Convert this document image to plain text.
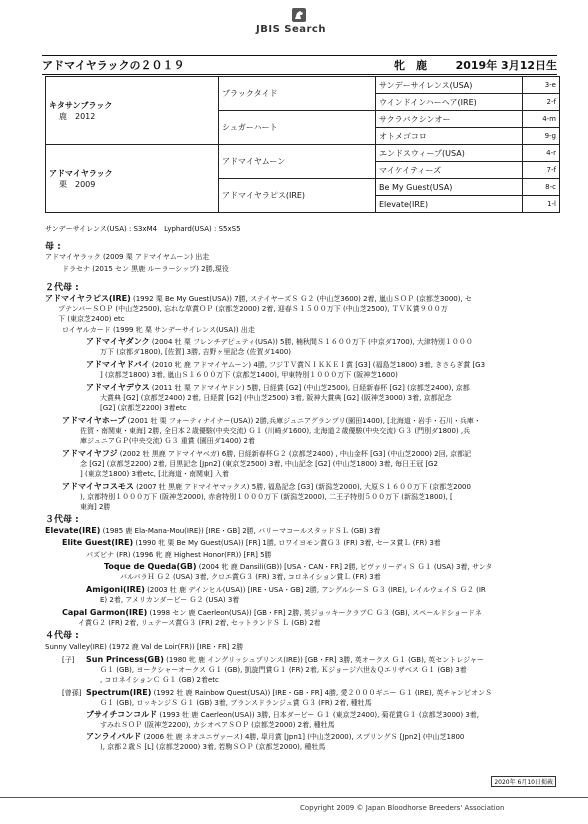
JBIS Search
アドマイヤラックの２０１９	牝　鹿	2019年 3月12日生
キタサンブラック
鹿　2012	ブラックタイド	サンデーサイレンス(USA)	3-e
		ウインドインハーヘア(IRE)	2-f
	シュガーハート	サクラバクシンオー	4-m
		オトメゴコロ	9-g
アドマイヤラック
栗　2009	アドマイヤムーン	エンドスウィープ(USA)	4-r
		マイケイティーズ	7-f
	アドマイヤラピス(IRE)	Be My Guest(USA)	8-c
		Elevate(IRE)	1-l
サンデーサイレンス(USA) : S3xM4　Lyphard(USA) : S5xS5
母 :
２代母 :
３代母 :
４代母 :
アドマイヤラック (2009 栗 アドマイヤムーン) 出走
ドラセナ (2015 セン 黒鹿 ルーラーシップ) 2勝,現役
アドマイヤラピス(IRE) (1992 栗 Be My Guest(USA)) 7勝, ステイヤーズＳ Ｇ２ (中山芝3600) 2着, 嵐山ＳＯＰ (京都芝3000), セ
プテンバーＳＯＰ (中山芝2500), 忘れな草賞ＯＰ (京都芝2000) 2着, 迎春Ｓ１５００万下 (中山芝2500), ＴＶＫ賞９００万
下 (東京芝2400) etc
ロイヤルカード (1999 牝 栗 サンデーサイレンス(USA)) 出走
アドマイヤダンク (2004 牡 栗 フレンチデピュティ(USA)) 5勝, 楠秋間Ｓ１６００万下 (中京ダ1700), 大津特別１０００
万下 (京都ダ1800), [佐賀] 3勝, 吉野ヶ里記念 (佐賀ダ1400)
アドマイヤドバイ (2010 牝 鹿 アドマイヤムーン) 4勝, フジＴＶ賞ＮＩＫＫＥＩ賞 [G3] (福島芝1800) 3着, きさらぎ賞 [G3
] (京都芝1800) 3着, 嵐山Ｓ１６００万下 (京都芝1400), 甲東特別１０００万下 (阪神芝1600)
アドマイヤデウス (2011 牡 栗 アドマイヤドン) 5勝, 日経賞 [G2] (中山芝2500), 日経新春杯 [G2] (京都芝2400), 京都
大賞典 [G2] (京都芝2400) 2着, 日経賞 [G2] (中山芝2500) 3着, 阪神大賞典 [G2] (阪神芝3000) 3着, 京都記念
[G2] (京都芝2200) 3着etc
アドマイヤホープ (2001 牡 栗 フォーティナイナー(USA)) 2勝,兵庫ジュニアグランプリ(園田1400), [北海道・岩手・石川・兵庫・
佐賀・南関東・東海] 2勝, 全日本２歳優駿(中央交流) Ｇ１ (川崎ダ1600), 北海道２歳優駿(中央交流) Ｇ３ (門別ダ1800) ,兵
庫ジュニアＧＰ(中央交流) Ｇ３ 重賞 (園田ダ1400) 2着
アドマイヤフジ (2002 牡 黒鹿 アドマイヤベガ) 6勝, 日経新春杯Ｇ２ (京都芝2400) , 中山金杯 [G3] (中山芝2000) 2回, 京都記
念 [G2] (京都芝2200) 2着, 目黒記念 [Jpn2] (東京芝2500) 3着, 中山記念 [G2] (中山芝1800) 3着, 毎日王冠 [G2
] (東京芝1800) 3着etc, [北海道・南関東] 入着
アドマイヤコスモス (2007 牡 黒鹿 アドマイヤマックス) 5勝, 福島記念 [G3] (新潟芝2000), 大原Ｓ１６００万下 (京都芝2000
), 京都特別１０００万下 (阪神芝2000), 赤倉特別１０００万下 (新潟芝2000), 二王子特別５００万下 (新潟芝1800), [
東海] 2勝
Elevate(IRE) (1985 鹿 Ela-Mana-Mou(IRE)) [IRE・GB] 2勝, バリーマコールスタッドＳＬ (GB) 3着
Elite Guest(IRE) (1990 牝 栗 Be My Guest(USA)) [FR] 1勝, ロワイヨモン賞Ｇ３ (FR) 3着, セーヌ賞Ｌ (FR) 3着
パズビナ (FR) (1996 牝 鹿 Highest Honor(FR)) [FR] 5勝
Toque de Queda(GB) (2004 牝 鹿 Dansili(GB)) [USA・CAN・FR] 2勝, ビヴァリーディＳ Ｇ１ (USA) 3着, サンタ
バルバラＨ Ｇ２ (USA) 3着, クロエ賞Ｇ３ (FR) 3着, コロネイション賞Ｌ (FR) 3着
Amigoni(IRE) (2003 牡 鹿 デインヒル(USA)) [IRE・USA・GB] 2勝, アングルシーＳ Ｇ３ (IRE), レイルウェイＳ Ｇ２ (IR
E) 2着, アメリカンダービー Ｇ２ (USA) 3着
Capal Garmon(IRE) (1998 セン 鹿 Caerleon(USA)) [GB・FR] 2勝, 英ジョッキークラブＣ Ｇ３ (GB), スペールドショードネ
イ賞Ｇ２ (FR) 2着, リュテース賞Ｇ３ (FR) 2着, セットランドＳ Ｌ (GB) 2着
Sunny Valley(IRE) (1972 鹿 Val de Loir(FR)) [IRE・FR] 2勝
[子] Sun Princess(GB) (1980 牝 鹿 イングリッシュプリンス(IRE)) [GB・FR] 3勝, 英オークス Ｇ１ (GB), 英セントレジャー
Ｇ１ (GB), ヨークシャーオークス Ｇ１ (GB), 凱旋門賞Ｇ１ (FR) 2着, Ｋジョージ六世＆Ｑエリザベス Ｇ１ (GB) 3着
, コロネイションＣ Ｇ１ (GB) 2着etc
[曾孫] Spectrum(IRE) (1992 牡 鹿 Rainbow Quest(USA)) [IRE・GB・FR] 4勝, 愛２０００ギニー Ｇ１ (IRE), 英チャンピオンＳ
Ｇ１ (GB), ロッキンジＳ Ｇ１ (GB) 3着, ブランスドランジュ賞 Ｇ３ (FR) 2着, 種牡馬
ブサイチコンコルド (1993 牡 鹿 Caerleon(USA)) 3勝, 日本ダービー Ｇ１ (東京芝2400), 菊花賞Ｇ１ (京都芝3000) 3着,
すみれＳＯＰ (阪神芝2200), カシオペアＳＯＰ (京都芝2000) 2着, 種牡馬
アンライバルド (2006 牡 鹿 ネオユニヴァース) 4勝, 皐月賞 [Jpn1] (中山芝2000), スプリングＳ [Jpn2] (中山芝1800
), 京都２歳Ｓ [L] (京都芝2000) 3着, 若駒ＳＯＰ (京都芝2000), 種牡馬
2020年 6月10日掲載
Copyright 2009 © Japan Bloodhorse Breeders' Association
